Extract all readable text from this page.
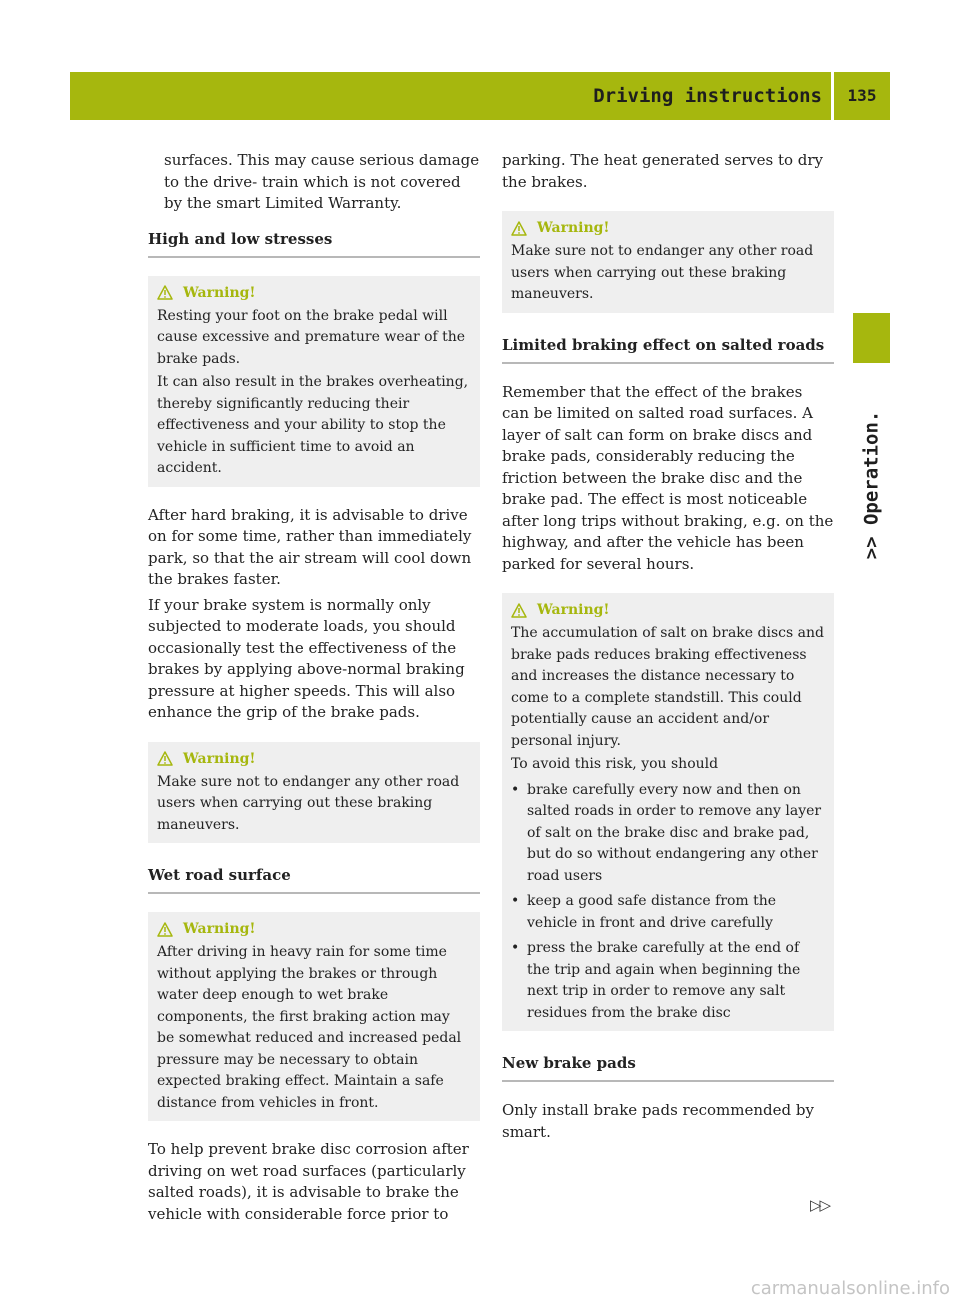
Driving instructions	135
>> Operation.

surfaces. This may cause serious damage to the drive- train which is not covered by the smart Limited Warranty.

High and low stresses
Warning!

Resting your foot on the brake pedal will cause excessive and premature wear of the brake pads.

It can also result in the brakes overheating, thereby significantly reducing their effectiveness and your ability to stop the vehicle in sufficient time to avoid an accident.

After hard braking, it is advisable to drive on for some time, rather than immediately park, so that the air stream will cool down the brakes faster.

If your brake system is normally only subjected to moderate loads, you should occasionally test the effectiveness of the brakes by applying above-normal braking pressure at higher speeds. This will also enhance the grip of the brake pads.

Warning!

Make sure not to endanger any other road users when carrying out these braking maneuvers.

Wet road surface
Warning!

After driving in heavy rain for some time without applying the brakes or through water deep enough to wet brake components, the first braking action may be somewhat reduced and increased pedal pressure may be necessary to obtain expected braking effect. Maintain a safe distance from vehicles in front.

To help prevent brake disc corrosion after driving on wet road surfaces (particularly salted roads), it is advisable to brake the vehicle with considerable force prior to

parking. The heat generated serves to dry the brakes.

Warning!

Make sure not to endanger any other road users when carrying out these braking maneuvers.

Limited braking effect on salted roads

Remember that the effect of the brakes can be limited on salted road surfaces. A layer of salt can form on brake discs and brake pads, considerably reducing the friction between the brake disc and the brake pad. The effect is most noticeable after long trips without braking, e.g. on the highway, and after the vehicle has been parked for several hours.

Warning!

The accumulation of salt on brake discs and brake pads reduces braking effectiveness and increases the distance necessary to come to a complete standstill. This could potentially cause an accident and/or personal injury.

To avoid this risk, you should

• brake carefully every now and then on salted roads in order to remove any layer of salt on the brake disc and brake pad, but do so without endangering any other road users

• keep a good safe distance from the vehicle in front and drive carefully

• press the brake carefully at the end of the trip and again when beginning the next trip in order to remove any salt residues from the brake disc

New brake pads

Only install brake pads recommended by smart.

▷▷
carmanualsonline.info
